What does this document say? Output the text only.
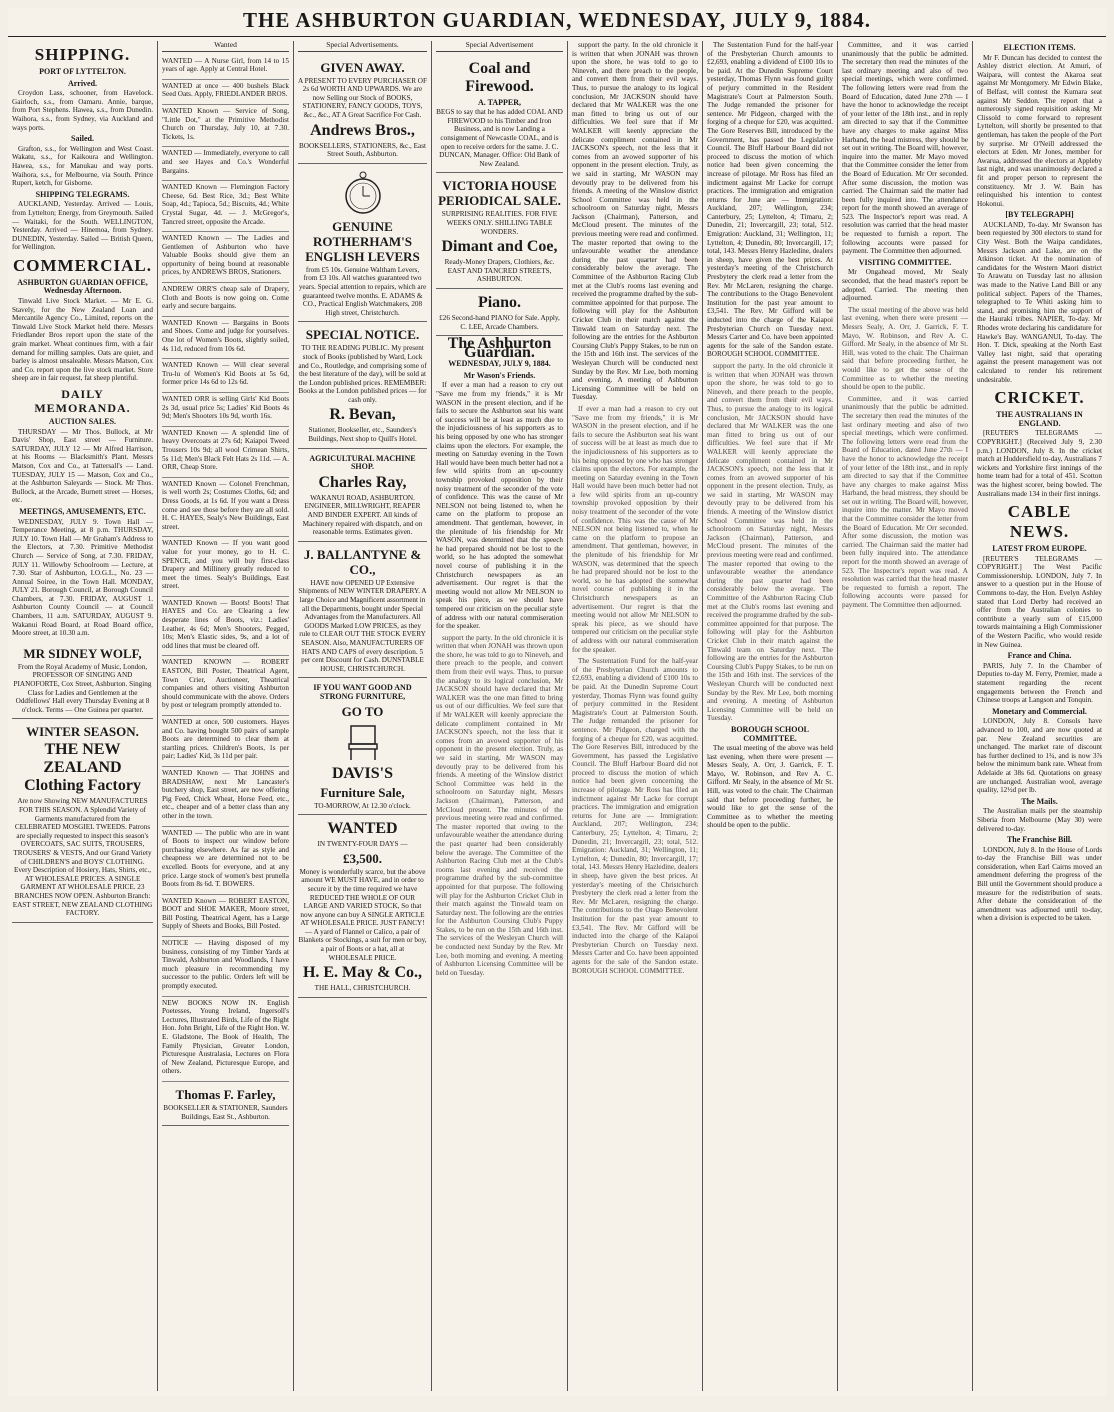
THE ASHBURTON GUARDIAN, WEDNESDAY, JULY 9, 1884.
SHIPPING.
PORT OF LYTTELTON.
Arrived.

Croydon Lass, schooner, from Havelock. Gairloch, s.s., from Oamaru. Annie, barque, from Port Stephens. Hawea, s.s., from Dunedin. Waihora, s.s., from Sydney, via Auckland and ways ports.

Sailed.

Grafton, s.s., for Wellington and West Coast. Wakatu, s.s., for Kaikoura and Wellington. Hawea, s.s., for Manukau and way ports. Waihora, s.s., for Melbourne, via South. Prince Rupert, ketch, for Gisborne.

SHIPPING TELEGRAMS.

AUCKLAND, Yesterday. Arrived — Louis, from Lyttelton; Energy, from Greymouth. Sailed — Waitaki, for the South. WELLINGTON, Yesterday. Arrived — Hinemoa, from Sydney. DUNEDIN, Yesterday. Sailed — British Queen, for Wellington.

COMMERCIAL.
ASHBURTON GUARDIAN OFFICE, Wednesday Afternoon.

Tinwald Live Stock Market. — Mr E. G. Stavely, for the New Zealand Loan and Mercantile Agency Co., Limited, reports on the Tinwald Live Stock Market held there. Messrs Friedlander Bros report upon the state of the grain market. Wheat continues firm, with a fair demand for milling samples. Oats are quiet, and barley is almost unsaleable. Messrs Matson, Cox and Co. report upon the live stock market. Store sheep are in fair request, fat sheep plentiful.

DAILY MEMORANDA.
AUCTION SALES.

THURSDAY — Mr Thos. Bullock, at Mr Davis' Shop, East street — Furniture. SATURDAY, JULY 12 — Mr Alfred Harrison, at his Rooms — Blacksmith's Plant. Messrs Matson, Cox and Co., at Tattersall's — Land. TUESDAY, JULY 15 — Matson, Cox and Co., at the Ashburton Saleyards — Stock. Mr Thos. Bullock, at the Arcade, Burnett street — Horses, etc.

MEETINGS, AMUSEMENTS, ETC.

WEDNESDAY, JULY 9. Town Hall — Temperance Meeting, at 8 p.m. THURSDAY, JULY 10. Town Hall — Mr Graham's Address to the Electors, at 7.30. Primitive Methodist Church — Service of Song, at 7.30. FRIDAY, JULY 11. Willowby Schoolroom — Lecture, at 7.30. Star of Ashburton, I.O.G.L., No. 23 — Annual Soiree, in the Town Hall. MONDAY, JULY 21. Borough Council, at Borough Council Chambers, at 7.30. FRIDAY, AUGUST 1. Ashburton County Council — at Council Chambers, 11 a.m. SATURDAY, AUGUST 9. Wakanui Road Board, at Road Board office, Moore street, at 10.30 a.m.

MR SIDNEY WOLF,

From the Royal Academy of Music, London, PROFESSOR OF SINGING AND PIANOFORTE, Cox Street, Ashburton. Singing Class for Ladies and Gentlemen at the Oddfellows' Hall every Thursday Evening at 8 o'clock. Terms — One Guinea per quarter.

WINTER SEASON.
THE NEW ZEALAND Clothing Factory

Are now Showing NEW MANUFACTURES FOR THIS SEASON. A Splendid Variety of Garments manufactured from the CELEBRATED MOSGIEL TWEEDS. Patrons are specially requested to inspect this season's OVERCOATS, SAC SUITS, TROUSERS, TROUSERS' & VESTS, And our Grand Variety of CHILDREN'S and BOYS' CLOTHING. Every Description of Hosiery, Hats, Shirts, etc., AT WHOLESALE PRICES. A SINGLE GARMENT AT WHOLESALE PRICE. 23 BRANCHES NOW OPEN. Ashburton Branch: EAST STREET, NEW ZEALAND CLOTHING FACTORY.

Wanted

WANTED — A Nurse Girl, from 14 to 15 years of age. Apply at Central Hotel.

WANTED at once — 400 bushels Black Seed Oats. Apply, FRIEDLANDER BROS.

WANTED Known — Service of Song, "Little Dot," at the Primitive Methodist Church on Thursday, July 10, at 7.30. Tickets, 1s.

WANTED — Immediately, everyone to call and see Hayes and Co.'s Wonderful Bargains.

WANTED Known — Flemington Factory Cheese, 6d. Best Rice, 3d.; Best White Soap, 4d.; Tapioca, 5d.; Biscuits, 4d.; White Crystal Sugar, 4d. — J. McGregor's, Tancred street, opposite the Arcade.

WANTED Known — The Ladies and Gentlemen of Ashburton who have Valuable Books should give them an opportunity of being bound at reasonable prices, by ANDREWS BROS, Stationers.

ANDREW ORR'S cheap sale of Drapery, Cloth and Boots is now going on. Come early and secure bargains.

WANTED Known — Bargains in Boots and Shoes. Come and judge for yourselves. One lot of Women's Boots, slightly soiled, 4s 11d, reduced from 10s 6d.

WANTED Known — Will clear several Tru-lu of Women's Kid Boots at 5s 6d, former price 14s 6d to 12s 6d.

WANTED ORR is selling Girls' Kid Boots 2s 3d, usual price 5s; Ladies' Kid Boots 4s 9d; Men's Shooters 10s 9d, worth 16s.

WANTED Known — A splendid line of heavy Overcoats at 27s 6d; Kaiapoi Tweed Trousers 10s 9d; all wool Crimean Shirts, 5s 11d; Men's Black Felt Hats 2s 11d. — A. ORR, Cheap Store.

WANTED Known — Colonel Frenchman, is well worth 2s; Costumes Cloths, 6d; and Dress Goods, at 1s 6d. If you want a Dress come and see those before they are all sold. H. C. HAYES, Sealy's New Buildings, East street.

WANTED Known — If you want good value for your money, go to H. C. SPENCE, and you will buy first-class Drapery and Millinery greatly reduced to meet the times. Sealy's Buildings, East street.

WANTED Known — Boots! Boots! That HAYES and Co. are Clearing a few desperate lines of Boots, viz.: Ladies' Leather, 4s 6d; Men's Shooters, Pegged, 10s; Men's Elastic sides, 9s, and a lot of odd lines that must be cleared off.

WANTED KNOWN — ROBERT EASTON, Bill Poster, Theatrical Agent, Town Crier, Auctioneer, Theatrical companies and others visiting Ashburton should communicate with the above. Orders by post or telegram promptly attended to.

WANTED at once, 500 customers. Hayes and Co. having bought 500 pairs of sample Boots are determined to clear them at startling prices. Children's Boots, 1s per pair; Ladies' Kid, 3s 11d per pair.

WANTED Known — That JOHNS and BRADSHAW, next Mr Lancaster's butchery shop, East street, are now offering Pig Feed, Chick Wheat, Horse Feed, etc., etc., cheaper and of a better class than any other in the town.

WANTED — The public who are in want of Boots to inspect our window before purchasing elsewhere. As far as style and cheapness we are determined not to be excelled. Boots for everyone, and at any price. Large stock of women's best prunella Boots from 8s 6d. T. BOWERS.

WANTED Known — ROBERT EASTON, BOOT and SHOE MAKER, Moore street, Bill Posting, Theatrical Agent, has a Large Supply of Sheets and Books, Bill Posted.

NOTICE — Having disposed of my business, consisting of my Timber Yards at Tinwald, Ashburton and Woodlands, I have much pleasure in recommending my successor to the public. Orders left will be promptly executed.

NEW BOOKS NOW IN. English Poetesses, Young Ireland, Ingersoll's Lectures, Illustrated Birds, Life of the Right Hon. John Bright, Life of the Right Hon. W. E. Gladstone, The Book of Health, The Family Physician, Greater London, Picturesque Australasia, Lectures on Flora of New Zealand, Picturesque Europe, and others.

Thomas F. Farley,

BOOKSELLER & STATIONER, Saunders Buildings, East St., Ashburton.

Special Advertisements.
GIVEN AWAY.

A PRESENT TO EVERY PURCHASER OF 2s 6d WORTH AND UPWARDS. We are now Selling our Stock of BOOKS, STATIONERY, FANCY GOODS, TOYS, &c., &c., AT A Great Sacrifice For Cash.

Andrews Bros.,

BOOKSELLERS, STATIONERS, &c., East Street South, Ashburton.

GENUINE ROTHERHAM'S ENGLISH LEVERS

from £5 10s. Genuine Waltham Levers, from £3 10s. All watches guaranteed two years. Special attention to repairs, which are guaranteed twelve months. E. ADAMS & CO., Practical English Watchmakers, 208 High street, Christchurch.

SPECIAL NOTICE.

TO THE READING PUBLIC. My present stock of Books (published by Ward, Lock and Co., Routledge, and comprising some of the best literature of the day), will be sold at the London published prices. REMEMBER: Books at the London published prices — for cash only.

R. Bevan,

Stationer, Bookseller, etc., Saunders's Buildings, Next shop to Quill's Hotel.

AGRICULTURAL MACHINE SHOP.
Charles Ray,

WAKANUI ROAD, ASHBURTON. ENGINEER, MILLWRIGHT, REAPER AND BINDER EXPERT. All kinds of Machinery repaired with dispatch, and on reasonable terms. Estimates given.

J. BALLANTYNE & CO.,

HAVE now OPENED UP Extensive Shipments of NEW WINTER DRAPERY. A large Choice and Magnificent assortment in all the Departments, bought under Special Advantages from the Manufacturers. All GOODS Marked LOW PRICES, as they rule to CLEAR OUT THE STOCK EVERY SEASON. Also, MANUFACTURERS OF HATS AND CAPS of every description. 5 per cent Discount for Cash. DUNSTABLE HOUSE, CHRISTCHURCH.

IF YOU WANT GOOD AND STRONG FURNITURE,
GO TO
DAVIS'S
Furniture Sale,

TO-MORROW, At 12.30 o'clock.

WANTED

IN TWENTY-FOUR DAYS —

£3,500.

Money is wonderfully scarce, but the above amount WE MUST HAVE, and in order to secure it by the time required we have REDUCED THE WHOLE OF OUR LARGE AND VARIED STOCK, So that now anyone can buy A SINGLE ARTICLE AT WHOLESALE PRICE. JUST FANCY! — A yard of Flannel or Calico, a pair of Blankets or Stockings, a suit for men or boy, a pair of Boots or a hat, all at WHOLESALE PRICE.

H. E. May & Co.,

THE HALL, CHRISTCHURCH.

Special Advertisement
Coal and Firewood.
A. TAPPER,

BEGS to say that he has added COAL AND FIREWOOD to his Timber and Iron Business, and is now Landing a consignment of Newcastle COAL, and is open to receive orders for the same. J. C. DUNCAN, Manager. Office: Old Bank of New Zealand.

VICTORIA HOUSE PERIODICAL SALE.

SURPRISING REALITIES. FOR FIVE WEEKS ONLY. SHILLING TABLE WONDERS.

Dimant and Coe,

Ready-Money Drapers, Clothiers, &c. EAST AND TANCRED STREETS, ASHBURTON.

Piano.

£26 Second-hand PIANO for Sale. Apply, C. LEE, Arcade Chambers.

The Ashburton Guardian.
WEDNESDAY, JULY 9, 1884.
Mr Wason's Friends.

If ever a man had a reason to cry out "Save me from my friends," it is Mr WASON in the present election, and if he fails to secure the Ashburton seat his want of success will be at least as much due to the injudiciousness of his supporters as to his being opposed by one who has stronger claims upon the electors. For example, the meeting on Saturday evening in the Town Hall would have been much better had not a few wild spirits from an up-country township provoked opposition by their noisy treatment of the seconder of the vote of confidence. This was the cause of Mr NELSON not being listened to, when he came on the platform to propose an amendment. That gentleman, however, in the plenitude of his friendship for Mr WASON, was determined that the speech he had prepared should not be lost to the world, so he has adopted the somewhat novel course of publishing it in the Christchurch newspapers as an advertisement. Our regret is that the meeting would not allow Mr NELSON to speak his piece, as we should have tempered our criticism on the peculiar style of address with our natural commiseration for the speaker.

support the party. In the old chronicle it is written that when JONAH was thrown upon the shore, he was told to go to Nineveh, and there preach to the people, and convert them from their evil ways. Thus, to pursue the analogy to its logical conclusion, Mr JACKSON should have declared that Mr WALKER was the one man fitted to bring us out of our difficulties. We feel sure that if Mr WALKER will keenly appreciate the delicate compliment contained in Mr JACKSON's speech, not the less that it comes from an avowed supporter of his opponent in the present election. Truly, as we said in starting, Mr WASON may devoutly pray to be delivered from his friends. A meeting of the Winslow district School Committee was held in the schoolroom on Saturday night, Messrs Jackson (Chairman), Patterson, and McCloud present. The minutes of the previous meeting were read and confirmed. The master reported that owing to the unfavourable weather the attendance during the past quarter had been considerably below the average. The Committee of the Ashburton Racing Club met at the Club's rooms last evening and received the programme drafted by the sub-committee appointed for that purpose. The following will play for the Ashburton Cricket Club in their match against the Tinwald team on Saturday next. The following are the entries for the Ashburton Coursing Club's Puppy Stakes, to be run on the 15th and 16th inst. The services of the Wesleyan Church will be conducted next Sunday by the Rev. Mr Lee, both morning and evening. A meeting of Ashburton Licensing Committee will be held on Tuesday.

support the party. In the old chronicle it is written that when JONAH was thrown upon the shore, he was told to go to Nineveh, and there preach to the people, and convert them from their evil ways. Thus, to pursue the analogy to its logical conclusion, Mr JACKSON should have declared that Mr WALKER was the one man fitted to bring us out of our difficulties. We feel sure that if Mr WALKER will keenly appreciate the delicate compliment contained in Mr JACKSON's speech, not the less that it comes from an avowed supporter of his opponent in the present election. Truly, as we said in starting, Mr WASON may devoutly pray to be delivered from his friends. A meeting of the Winslow district School Committee was held in the schoolroom on Saturday night, Messrs Jackson (Chairman), Patterson, and McCloud present. The minutes of the previous meeting were read and confirmed. The master reported that owing to the unfavourable weather the attendance during the past quarter had been considerably below the average. The Committee of the Ashburton Racing Club met at the Club's rooms last evening and received the programme drafted by the sub-committee appointed for that purpose. The following will play for the Ashburton Cricket Club in their match against the Tinwald team on Saturday next. The following are the entries for the Ashburton Coursing Club's Puppy Stakes, to be run on the 15th and 16th inst. The services of the Wesleyan Church will be conducted next Sunday by the Rev. Mr Lee, both morning and evening. A meeting of Ashburton Licensing Committee will be held on Tuesday.

If ever a man had a reason to cry out "Save me from my friends," it is Mr WASON in the present election, and if he fails to secure the Ashburton seat his want of success will be at least as much due to the injudiciousness of his supporters as to his being opposed by one who has stronger claims upon the electors. For example, the meeting on Saturday evening in the Town Hall would have been much better had not a few wild spirits from an up-country township provoked opposition by their noisy treatment of the seconder of the vote of confidence. This was the cause of Mr NELSON not being listened to, when he came on the platform to propose an amendment. That gentleman, however, in the plenitude of his friendship for Mr WASON, was determined that the speech he had prepared should not be lost to the world, so he has adopted the somewhat novel course of publishing it in the Christchurch newspapers as an advertisement. Our regret is that the meeting would not allow Mr NELSON to speak his piece, as we should have tempered our criticism on the peculiar style of address with our natural commiseration for the speaker.

The Sustentation Fund for the half-year of the Presbyterian Church amounts to £2,693, enabling a dividend of £100 10s to be paid. At the Dunedin Supreme Court yesterday, Thomas Flynn was found guilty of perjury committed in the Resident Magistrate's Court at Palmerston South. The Judge remanded the prisoner for sentence. Mr Pidgeon, charged with the forging of a cheque for £20, was acquitted. The Gore Reserves Bill, introduced by the Government, has passed the Legislative Council. The Bluff Harbour Board did not proceed to discuss the motion of which notice had been given concerning the increase of pilotage. Mr Ross has filed an indictment against Mr Lacke for corrupt practices. The immigration and emigration returns for June are — Immigration: Auckland, 207; Wellington, 234; Canterbury, 25; Lyttelton, 4; Timaru, 2; Dunedin, 21; Invercargill, 23; total, 512. Emigration: Auckland, 31; Wellington, 11; Lyttelton, 4; Dunedin, 80; Invercargill, 17; total, 143. Messrs Henry Hazledine, dealers in sheep, have given the best prices. At yesterday's meeting of the Christchurch Presbytery the clerk read a letter from the Rev. Mr McLaren, resigning the charge. The contributions to the Otago Benevolent Institution for the past year amount to £3,541. The Rev. Mr Gifford will be inducted into the charge of the Kaiapoi Presbyterian Church on Tuesday next. Messrs Carter and Co. have been appointed agents for the sale of the Sandon estate. BOROUGH SCHOOL COMMITTEE.

The Sustentation Fund for the half-year of the Presbyterian Church amounts to £2,693, enabling a dividend of £100 10s to be paid. At the Dunedin Supreme Court yesterday, Thomas Flynn was found guilty of perjury committed in the Resident Magistrate's Court at Palmerston South. The Judge remanded the prisoner for sentence. Mr Pidgeon, charged with the forging of a cheque for £20, was acquitted. The Gore Reserves Bill, introduced by the Government, has passed the Legislative Council. The Bluff Harbour Board did not proceed to discuss the motion of which notice had been given concerning the increase of pilotage. Mr Ross has filed an indictment against Mr Lacke for corrupt practices. The immigration and emigration returns for June are — Immigration: Auckland, 207; Wellington, 234; Canterbury, 25; Lyttelton, 4; Timaru, 2; Dunedin, 21; Invercargill, 23; total, 512. Emigration: Auckland, 31; Wellington, 11; Lyttelton, 4; Dunedin, 80; Invercargill, 17; total, 143. Messrs Henry Hazledine, dealers in sheep, have given the best prices. At yesterday's meeting of the Christchurch Presbytery the clerk read a letter from the Rev. Mr McLaren, resigning the charge. The contributions to the Otago Benevolent Institution for the past year amount to £3,541. The Rev. Mr Gifford will be inducted into the charge of the Kaiapoi Presbyterian Church on Tuesday next. Messrs Carter and Co. have been appointed agents for the sale of the Sandon estate. BOROUGH SCHOOL COMMITTEE.

support the party. In the old chronicle it is written that when JONAH was thrown upon the shore, he was told to go to Nineveh, and there preach to the people, and convert them from their evil ways. Thus, to pursue the analogy to its logical conclusion, Mr JACKSON should have declared that Mr WALKER was the one man fitted to bring us out of our difficulties. We feel sure that if Mr WALKER will keenly appreciate the delicate compliment contained in Mr JACKSON's speech, not the less that it comes from an avowed supporter of his opponent in the present election. Truly, as we said in starting, Mr WASON may devoutly pray to be delivered from his friends. A meeting of the Winslow district School Committee was held in the schoolroom on Saturday night, Messrs Jackson (Chairman), Patterson, and McCloud present. The minutes of the previous meeting were read and confirmed. The master reported that owing to the unfavourable weather the attendance during the past quarter had been considerably below the average. The Committee of the Ashburton Racing Club met at the Club's rooms last evening and received the programme drafted by the sub-committee appointed for that purpose. The following will play for the Ashburton Cricket Club in their match against the Tinwald team on Saturday next. The following are the entries for the Ashburton Coursing Club's Puppy Stakes, to be run on the 15th and 16th inst. The services of the Wesleyan Church will be conducted next Sunday by the Rev. Mr Lee, both morning and evening. A meeting of Ashburton Licensing Committee will be held on Tuesday.

BOROUGH SCHOOL COMMITTEE.

The usual meeting of the above was held last evening, when there were present — Messrs Sealy, A. Orr, J. Garrick, F. T. Mayo, W. Robinson, and Rev A. C. Gifford. Mr Sealy, in the absence of Mr St. Hill, was voted to the chair. The Chairman said that before proceeding further, he would like to get the sense of the Committee as to whether the meeting should be open to the public.

Committee, and it was carried unanimously that the public be admitted. The secretary then read the minutes of the last ordinary meeting and also of two special meetings, which were confirmed. The following letters were read from the Board of Education, dated June 27th — I have the honor to acknowledge the receipt of your letter of the 18th inst., and in reply am directed to say that if the Committee have any charges to make against Miss Harband, the head mistress, they should be set out in writing. The Board will, however, inquire into the matter. Mr Mayo moved that the Committee consider the letter from the Board of Education. Mr Orr seconded. After some discussion, the motion was carried. The Chairman said the matter had been fully inquired into. The attendance report for the month showed an average of 523. The Inspector's report was read. A resolution was carried that the head master be requested to furnish a report. The following accounts were passed for payment. The Committee then adjourned.

VISITING COMMITTEE.

Mr Ongahead moved, Mr Sealy seconded, that the head master's report be adopted. Carried. The meeting then adjourned.

The usual meeting of the above was held last evening, when there were present — Messrs Sealy, A. Orr, J. Garrick, F. T. Mayo, W. Robinson, and Rev A. C. Gifford. Mr Sealy, in the absence of Mr St. Hill, was voted to the chair. The Chairman said that before proceeding further, he would like to get the sense of the Committee as to whether the meeting should be open to the public.

Committee, and it was carried unanimously that the public be admitted. The secretary then read the minutes of the last ordinary meeting and also of two special meetings, which were confirmed. The following letters were read from the Board of Education, dated June 27th — I have the honor to acknowledge the receipt of your letter of the 18th inst., and in reply am directed to say that if the Committee have any charges to make against Miss Harband, the head mistress, they should be set out in writing. The Board will, however, inquire into the matter. Mr Mayo moved that the Committee consider the letter from the Board of Education. Mr Orr seconded. After some discussion, the motion was carried. The Chairman said the matter had been fully inquired into. The attendance report for the month showed an average of 523. The Inspector's report was read. A resolution was carried that the head master be requested to furnish a report. The following accounts were passed for payment. The Committee then adjourned.

ELECTION ITEMS.

Mr F. Duncan has decided to contest the Ashley district election. At Amuri, of Waipara, will contest the Akaroa seat against Mr Montgomery. Mr Edwin Blake, of Belfast, will contest the Kumara seat against Mr Seddon. The report that a numerously signed requisition asking Mr Clissold to come forward to represent Lyttelton, will shortly be presented to that gentleman, has taken the people of the Port by surprise. Mr O'Neill addressed the electors at Eden. Mr Jones, member for Awarua, addressed the electors at Appleby last night, and was unanimously declared a fit and proper person to represent the constituency. Mr J. W. Bain has relinquished his intention to contest Hokonui.

[BY TELEGRAPH]

AUCKLAND, To-day. Mr Swanson has been requested by 300 electors to stand for City West. Both the Waipa candidates, Messrs Jackson and Lake, are on the Atkinson ticket. At the nomination of candidates for the Western Maori district To Arawatu on Tuesday last no allusion was made to the Native Land Bill or any political subject. Papers of the Thames, telegraphed to Te Whiti asking him to stand, and promising him the support of the Hauraki tribes. NAPIER, To-day. Mr Rhodes wrote declaring his candidature for Hawke's Bay. WANGANUI, To-day. The Hon. T. Dick, speaking at the North East Valley last night, said that operating against the present management was not calculated to render his retirement undesirable.

CRICKET.
THE AUSTRALIANS IN ENGLAND.

[REUTER'S TELEGRAMS — COPYRIGHT.] (Received July 9, 2.30 p.m.) LONDON, July 8. In the cricket match at Huddersfield to-day, Australians 7 wickets and Yorkshire first innings of the home team had for a total of 451. Scotton was the highest scorer, being bowled. The Australians made 134 in their first innings.

CABLE NEWS.
LATEST FROM EUROPE.

[REUTER'S TELEGRAMS — COPYRIGHT.] The West Pacific Commissionership. LONDON, July 7. In answer to a question put in the House of Commons to-day, the Hon. Evelyn Ashley stated that Lord Derby had received an offer from the Australian colonies to contribute a yearly sum of £15,000 towards maintaining a High Commissioner of the Western Pacific, who would reside in New Guinea.

France and China.

PARIS, July 7. In the Chamber of Deputies to-day M. Ferry, Premier, made a statement regarding the recent engagements between the French and Chinese troops at Langson and Tonquin.

Monetary and Commercial.

LONDON, July 8. Consols have advanced to 100, and are now quoted at par. New Zealand securities are unchanged. The market rate of discount has further declined to 1¾, and is now 3⅞ below the minimum bank rate. Wheat from Adelaide at 38s 6d. Quotations on greasy are unchanged. Australian wool, average quality, 12½d per lb.

The Mails.

The Australian mails per the steamship Siberia from Melbourne (May 30) were delivered to-day.

The Franchise Bill.

LONDON, July 8. In the House of Lords to-day the Franchise Bill was under consideration, when Earl Cairns moved an amendment deferring the progress of the Bill until the Government should produce a measure for the redistribution of seats. After debate the consideration of the amendment was adjourned until to-day, when a division is expected to be taken.
